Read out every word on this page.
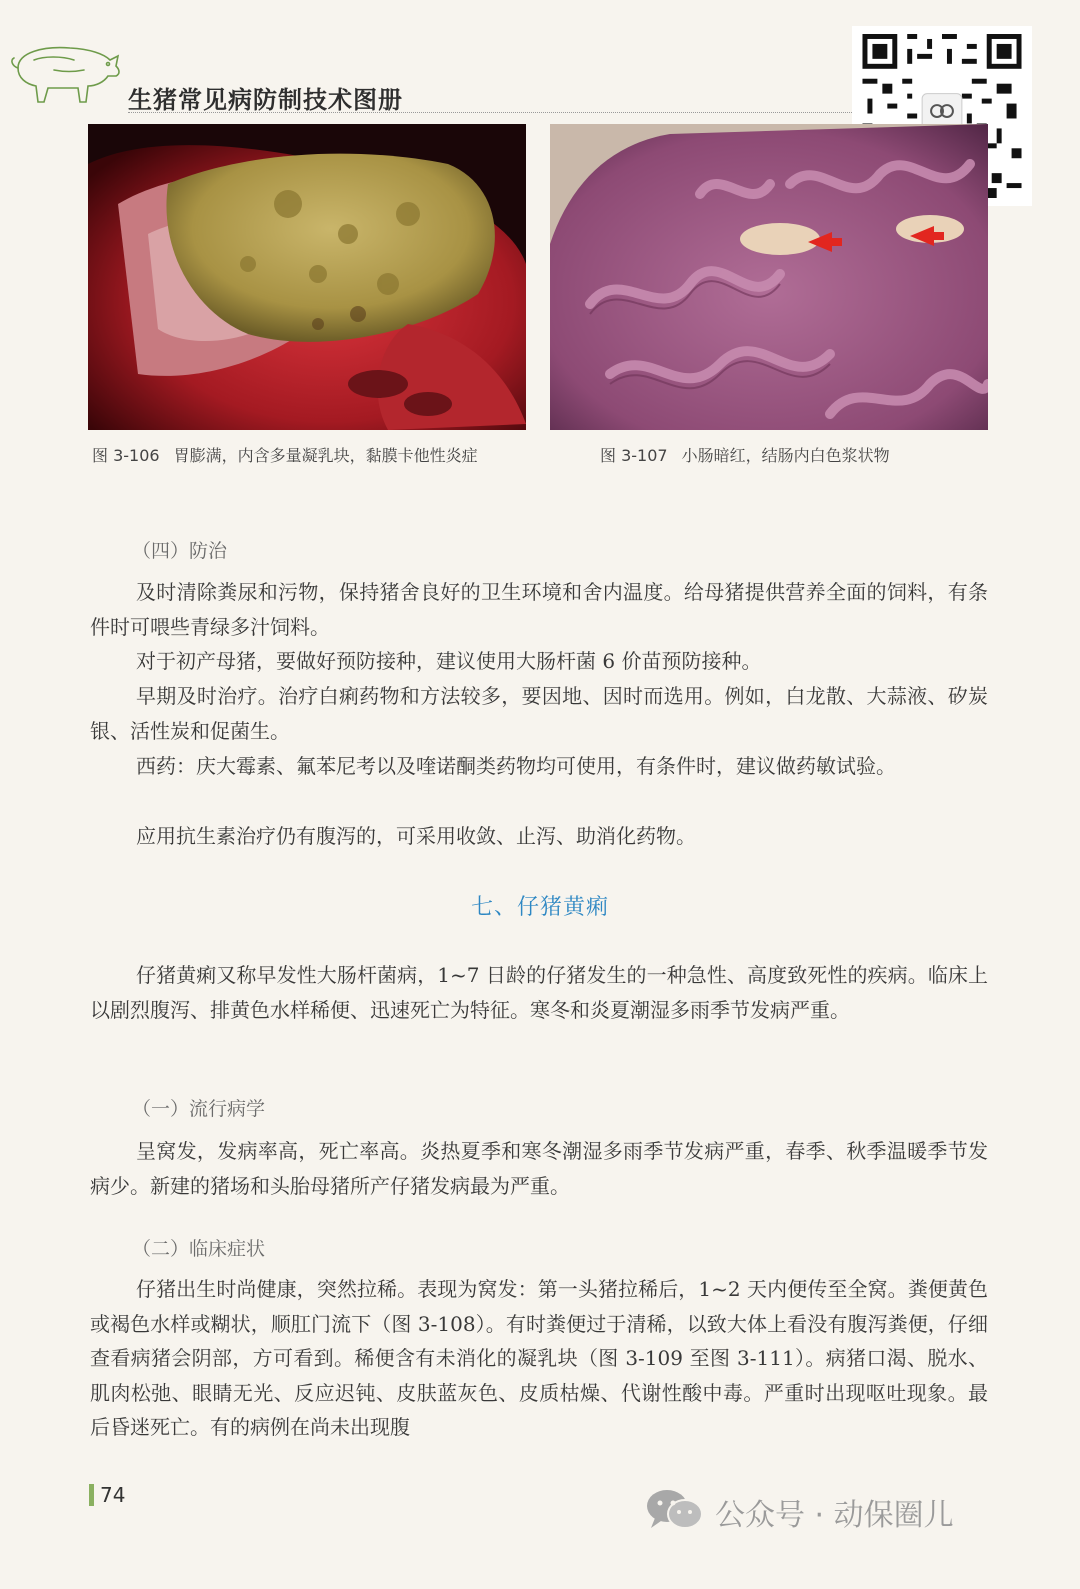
生猪常见病防制技术图册
图 3-106 胃膨满，内含多量凝乳块，黏膜卡他性炎症	图 3-107 小肠暗红，结肠内白色浆状物
（四）防治
及时清除粪尿和污物，保持猪舍良好的卫生环境和舍内温度。给母猪提供营养全面的饲料，有条件时可喂些青绿多汁饲料。
对于初产母猪，要做好预防接种，建议使用大肠杆菌 6 价苗预防接种。
早期及时治疗。治疗白痢药物和方法较多，要因地、因时而选用。例如，白龙散、大蒜液、矽炭银、活性炭和促菌生。
西药：庆大霉素、氟苯尼考以及喹诺酮类药物均可使用，有条件时，建议做药敏试验。
应用抗生素治疗仍有腹泻的，可采用收敛、止泻、助消化药物。
七、仔猪黄痢
仔猪黄痢又称早发性大肠杆菌病，1~7 日龄的仔猪发生的一种急性、高度致死性的疾病。临床上以剧烈腹泻、排黄色水样稀便、迅速死亡为特征。寒冬和炎夏潮湿多雨季节发病严重。
（一）流行病学
呈窝发，发病率高，死亡率高。炎热夏季和寒冬潮湿多雨季节发病严重，春季、秋季温暖季节发病少。新建的猪场和头胎母猪所产仔猪发病最为严重。
（二）临床症状
仔猪出生时尚健康，突然拉稀。表现为窝发：第一头猪拉稀后，1~2 天内便传至全窝。粪便黄色或褐色水样或糊状，顺肛门流下（图 3-108）。有时粪便过于清稀，以致大体上看没有腹泻粪便，仔细查看病猪会阴部，方可看到。稀便含有未消化的凝乳块（图 3-109 至图 3-111）。病猪口渴、脱水、肌肉松弛、眼睛无光、反应迟钝、皮肤蓝灰色、皮质枯燥、代谢性酸中毒。严重时出现呕吐现象。最后昏迷死亡。有的病例在尚未出现腹
74
公众号 · 动保圈儿
